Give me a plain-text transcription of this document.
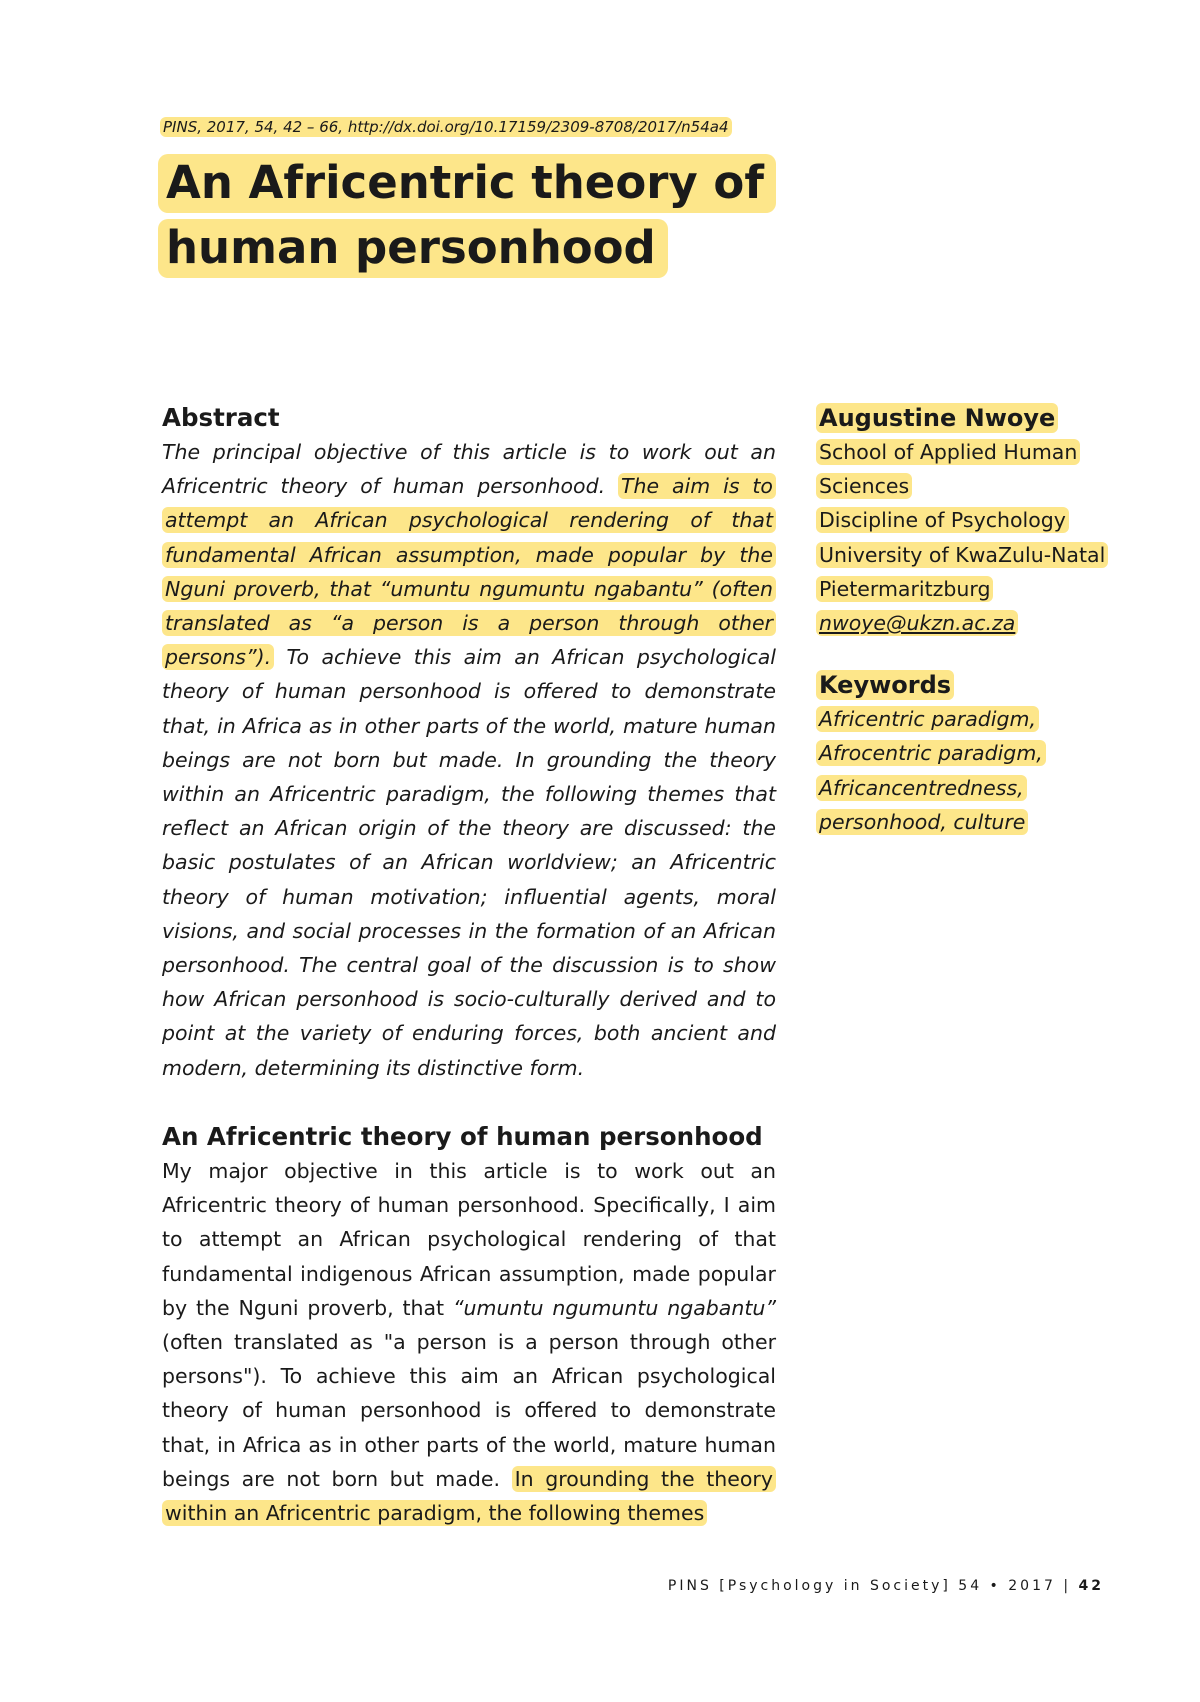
PINS, 2017, 54, 42 – 66, http://dx.doi.org/10.17159/2309-8708/2017/n54a4
An Africentric theory of
human personhood
Abstract

The principal objective of this article is to work out an Africentric theory of human personhood. The aim is to attempt an African psychological rendering of that fundamental African assumption, made popular by the Nguni proverb, that “umuntu ngumuntu ngabantu” (often translated as “a person is a person through other persons”). To achieve this aim an African psychological theory of human personhood is offered to demonstrate that, in Africa as in other parts of the world, mature human beings are not born but made. In grounding the theory within an Africentric paradigm, the following themes that reflect an African origin of the theory are discussed: the basic postulates of an African worldview; an Africentric theory of human motivation; influential agents, moral visions, and social processes in the formation of an African personhood. The central goal of the discussion is to show how African personhood is socio-culturally derived and to point at the variety of enduring forces, both ancient and modern, determining its distinctive form.

An Africentric theory of human personhood

My major objective in this article is to work out an Africentric theory of human personhood. Specifically, I aim to attempt an African psychological rendering of that fundamental indigenous African assumption, made popular by the Nguni proverb, that “umuntu ngumuntu ngabantu” (often translated as "a person is a person through other persons"). To achieve this aim an African psychological theory of human personhood is offered to demonstrate that, in Africa as in other parts of the world, mature human beings are not born but made. In grounding the theory within an Africentric paradigm, the following themes

Augustine Nwoye
School of Applied Human
Sciences
Discipline of Psychology
University of KwaZulu-Natal
Pietermaritzburg
nwoye@ukzn.ac.za
Keywords
Africentric paradigm,
Afrocentric paradigm,
Africancentredness,
personhood, culture
PINS [Psychology in Society] 54 • 2017 | 42
